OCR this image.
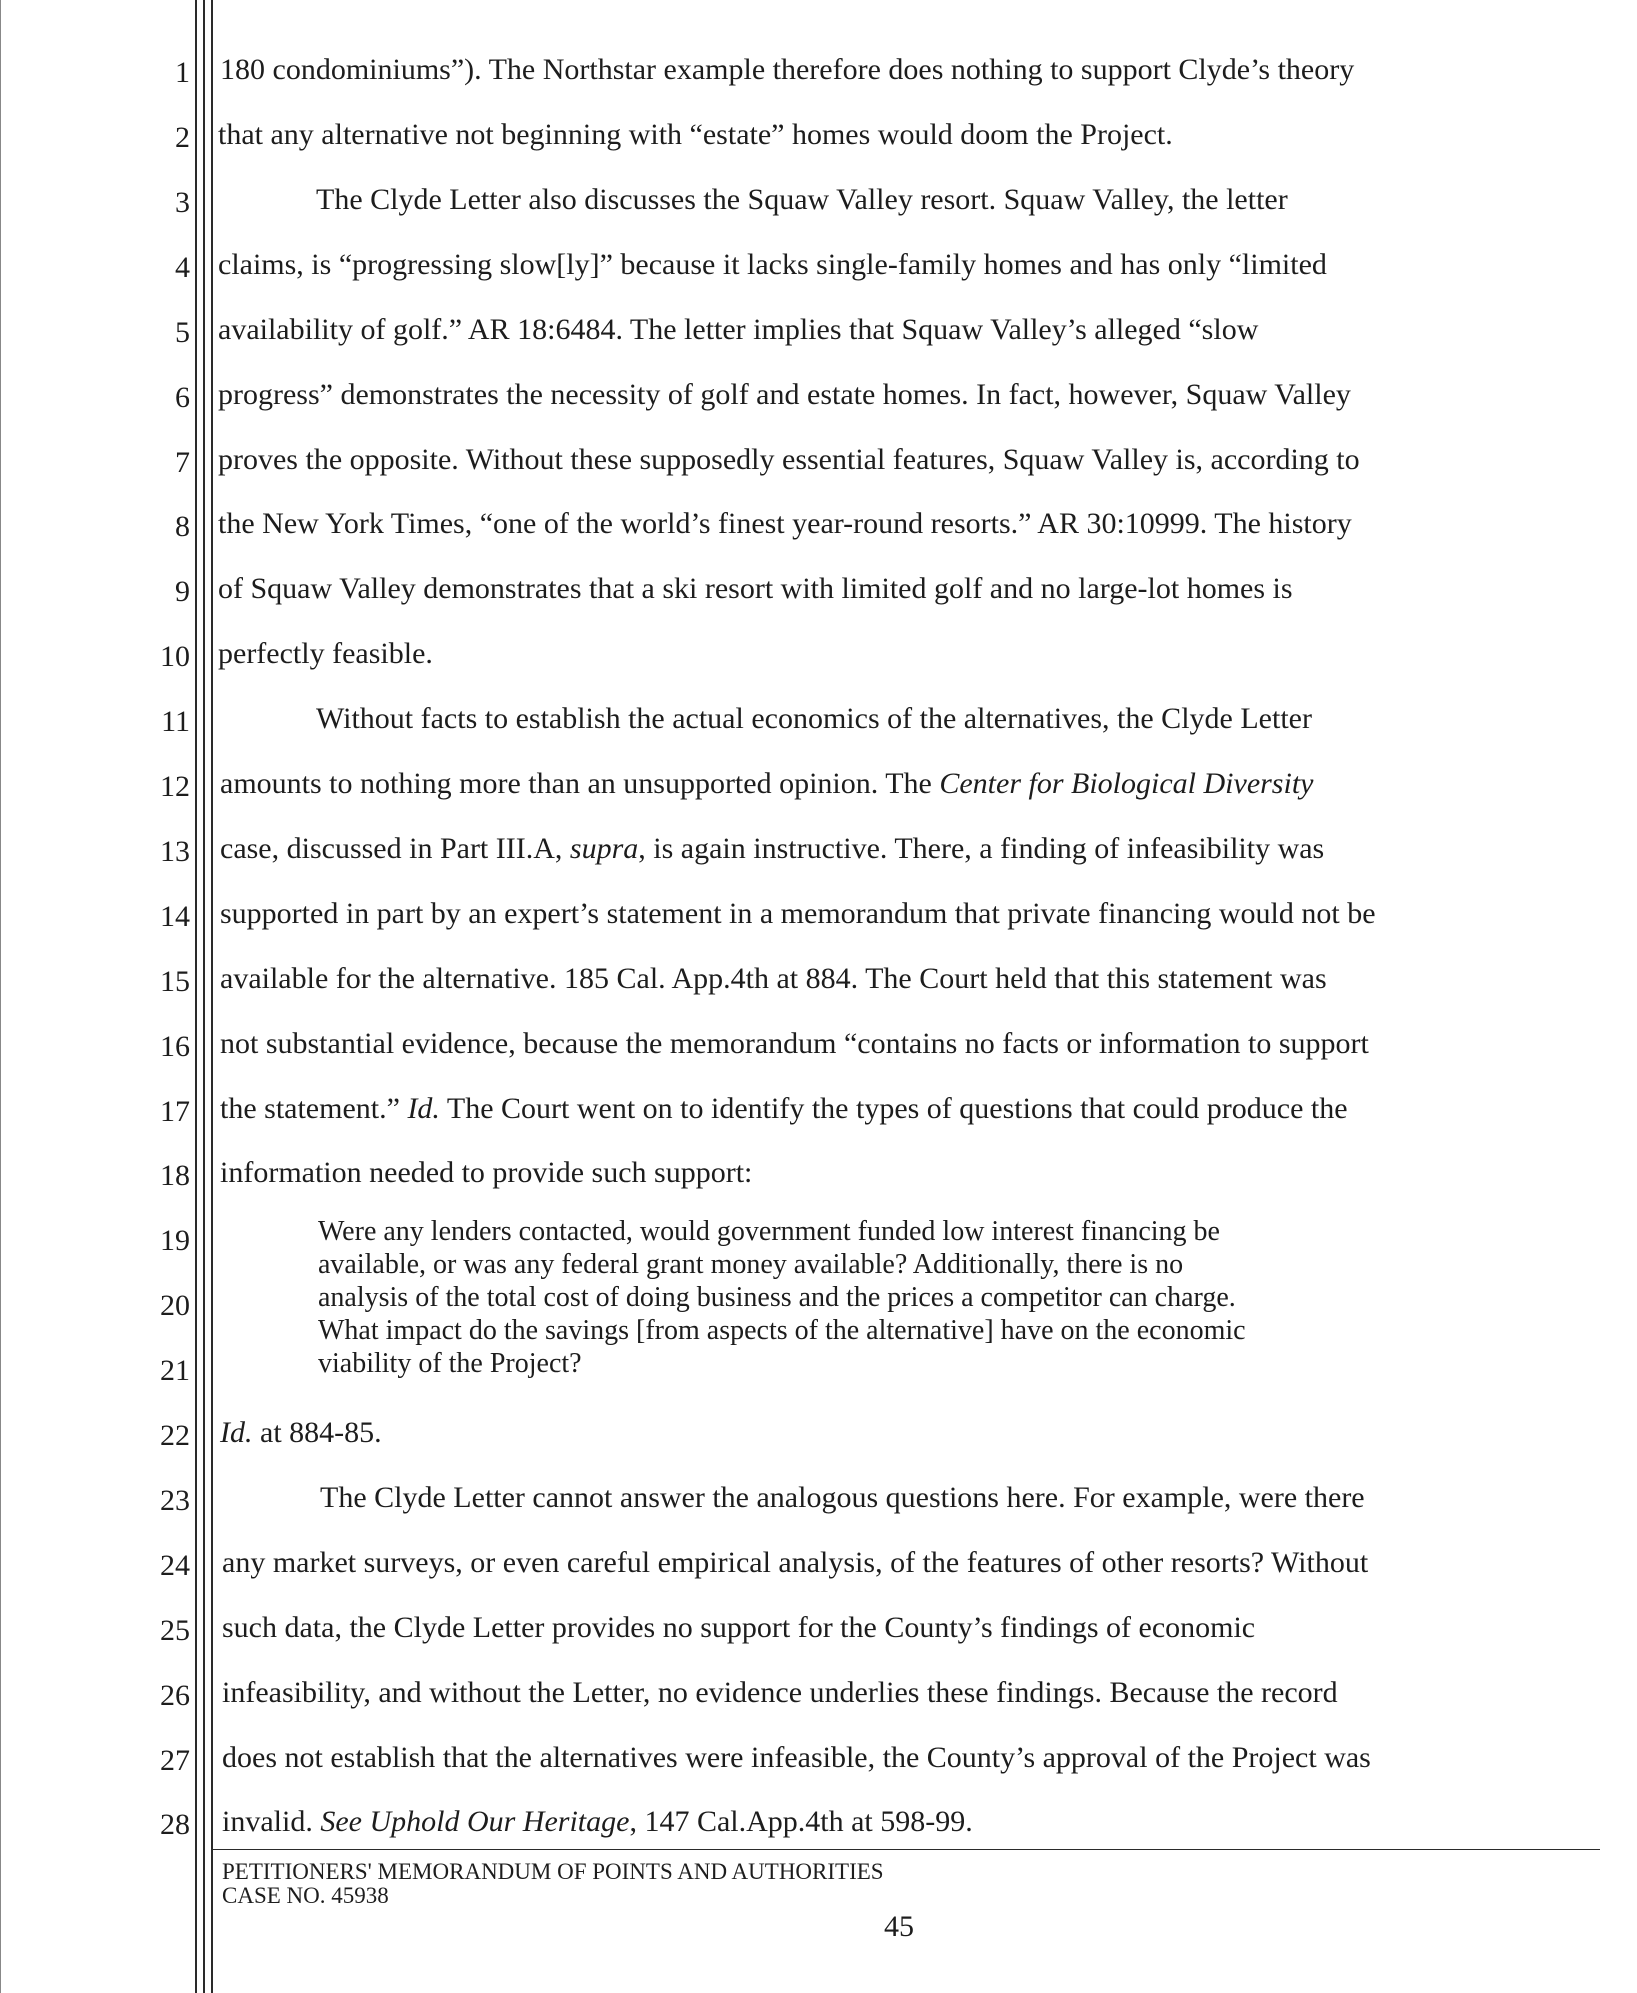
1
2
3
4
5
6
7
8
9
10
11
12
13
14
15
16
17
18
19
20
21
22
23
24
25
26
27
28
180 condominiums”). The Northstar example therefore does nothing to support Clyde’s theory
that any alternative not beginning with “estate” homes would doom the Project.
The Clyde Letter also discusses the Squaw Valley resort. Squaw Valley, the letter
claims, is “progressing slow[ly]” because it lacks single-family homes and has only “limited
availability of golf.” AR 18:6484. The letter implies that Squaw Valley’s alleged “slow
progress” demonstrates the necessity of golf and estate homes. In fact, however, Squaw Valley
proves the opposite. Without these supposedly essential features, Squaw Valley is, according to
the New York Times, “one of the world’s finest year-round resorts.” AR 30:10999. The history
of Squaw Valley demonstrates that a ski resort with limited golf and no large-lot homes is
perfectly feasible.
Without facts to establish the actual economics of the alternatives, the Clyde Letter
amounts to nothing more than an unsupported opinion. The Center for Biological Diversity
case, discussed in Part III.A, supra, is again instructive. There, a finding of infeasibility was
supported in part by an expert’s statement in a memorandum that private financing would not be
available for the alternative. 185 Cal. App.4th at 884. The Court held that this statement was
not substantial evidence, because the memorandum “contains no facts or information to support
the statement.” Id. The Court went on to identify the types of questions that could produce the
information needed to provide such support:
Were any lenders contacted, would government funded low interest financing be
available, or was any federal grant money available? Additionally, there is no
analysis of the total cost of doing business and the prices a competitor can charge.
What impact do the savings [from aspects of the alternative] have on the economic
viability of the Project?
Id. at 884-85.
The Clyde Letter cannot answer the analogous questions here. For example, were there
any market surveys, or even careful empirical analysis, of the features of other resorts? Without
such data, the Clyde Letter provides no support for the County’s findings of economic
infeasibility, and without the Letter, no evidence underlies these findings. Because the record
does not establish that the alternatives were infeasible, the County’s approval of the Project was
invalid. See Uphold Our Heritage, 147 Cal.App.4th at 598-99.
PETITIONERS' MEMORANDUM OF POINTS AND AUTHORITIES
CASE NO. 45938
45
